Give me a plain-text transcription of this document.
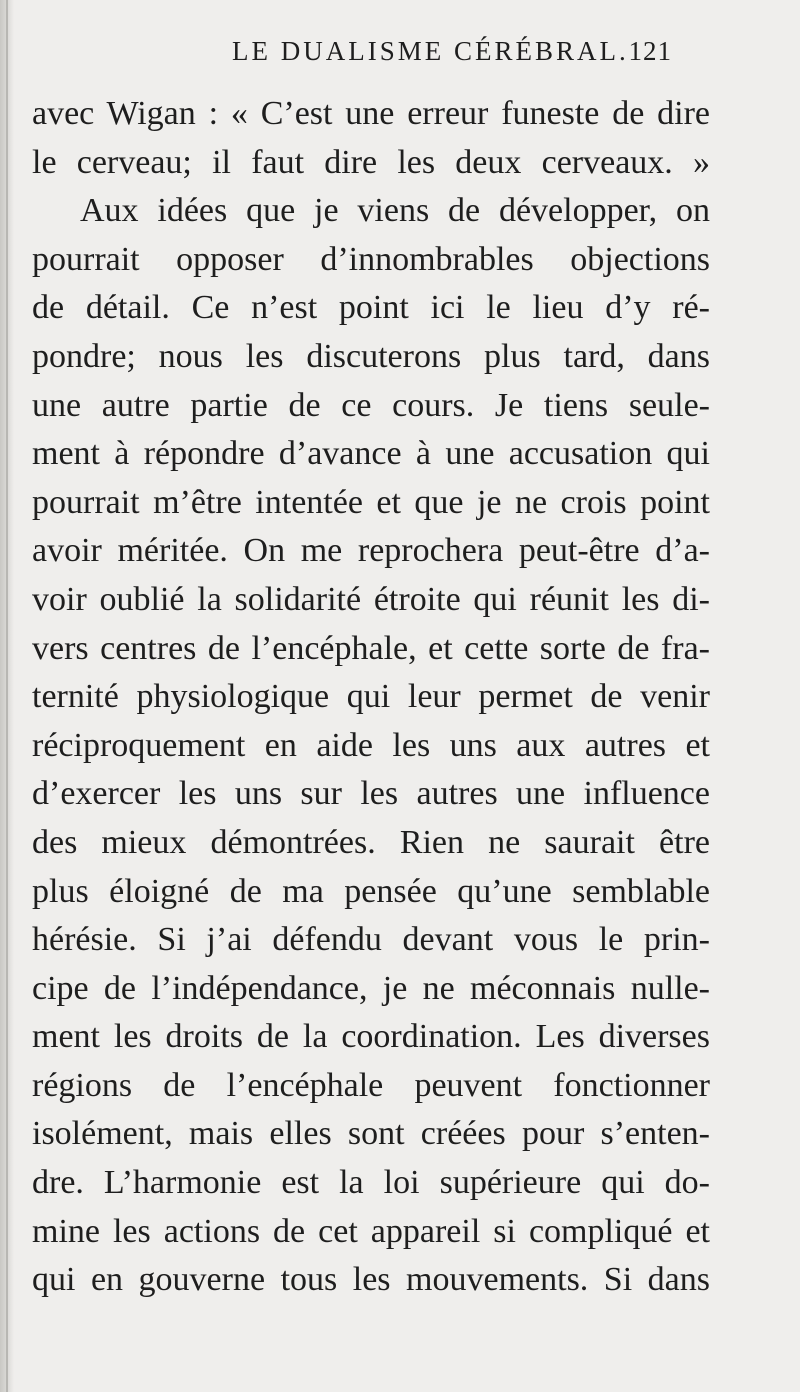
LE DUALISME CÉRÉBRAL. 121
avec Wigan : « C’est une erreur funeste de dire
le cerveau; il faut dire les deux cerveaux. »
Aux idées que je viens de développer, on
pourrait opposer d’innombrables objections
de détail. Ce n’est point ici le lieu d’y ré-
pondre; nous les discuterons plus tard, dans
une autre partie de ce cours. Je tiens seule-
ment à répondre d’avance à une accusation qui
pourrait m’être intentée et que je ne crois point
avoir méritée. On me reprochera peut-être d’a-
voir oublié la solidarité étroite qui réunit les di-
vers centres de l’encéphale, et cette sorte de fra-
ternité physiologique qui leur permet de venir
réciproquement en aide les uns aux autres et
d’exercer les uns sur les autres une influence
des mieux démontrées. Rien ne saurait être
plus éloigné de ma pensée qu’une semblable
hérésie. Si j’ai défendu devant vous le prin-
cipe de l’indépendance, je ne méconnais nulle-
ment les droits de la coordination. Les diverses
régions de l’encéphale peuvent fonctionner
isolément, mais elles sont créées pour s’enten-
dre. L’harmonie est la loi supérieure qui do-
mine les actions de cet appareil si compliqué et
qui en gouverne tous les mouvements. Si dans
